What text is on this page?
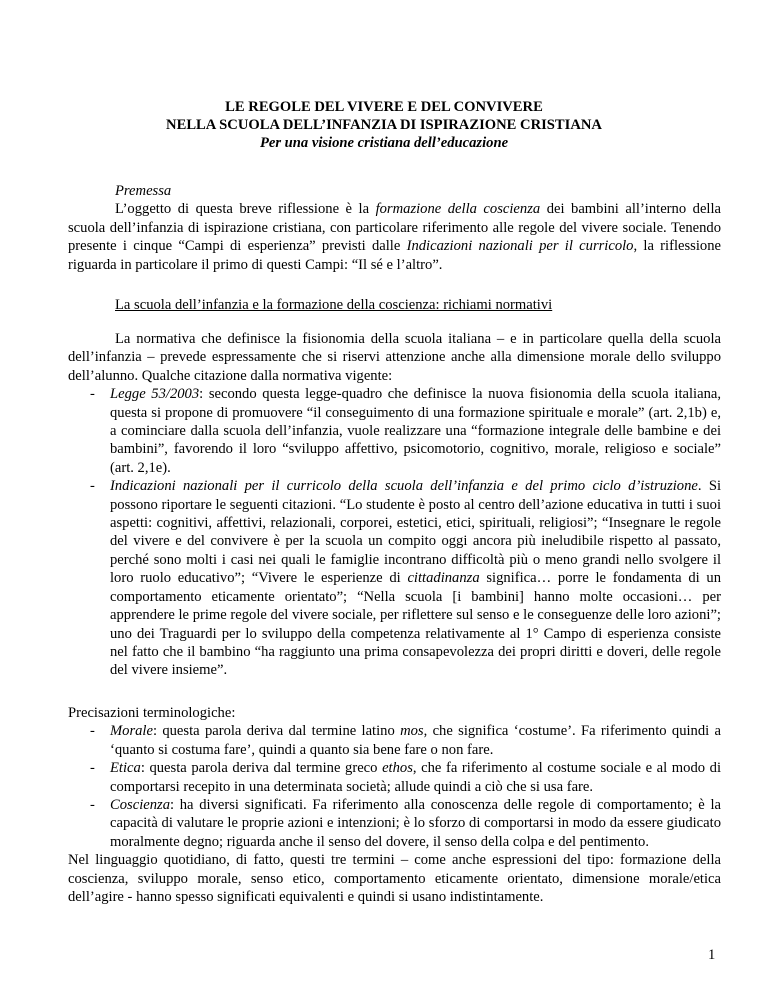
LE REGOLE DEL VIVERE E DEL CONVIVERE
NELLA SCUOLA DELL’INFANZIA DI ISPIRAZIONE CRISTIANA
Per una visione cristiana dell’educazione

Premessa

L’oggetto di questa breve riflessione è la formazione della coscienza dei bambini all’interno della scuola dell’infanzia di ispirazione cristiana, con particolare riferimento alle regole del vivere sociale. Tenendo presente i cinque “Campi di esperienza” previsti dalle Indicazioni nazionali per il curricolo, la riflessione riguarda in particolare il primo di questi Campi: “Il sé e l’altro”.

La scuola dell’infanzia e la formazione della coscienza: richiami normativi

La normativa che definisce la fisionomia della scuola italiana – e in particolare quella della scuola dell’infanzia – prevede espressamente che si riservi attenzione anche alla dimensione morale dello sviluppo dell’alunno. Qualche citazione dalla normativa vigente:

- Legge 53/2003: secondo questa legge-quadro che definisce la nuova fisionomia della scuola italiana, questa si propone di promuovere “il conseguimento di una formazione spirituale e morale” (art. 2,1b) e, a cominciare dalla scuola dell’infanzia, vuole realizzare una “formazione integrale delle bambine e dei bambini”, favorendo il loro “sviluppo affettivo, psicomotorio, cognitivo, morale, religioso e sociale” (art. 2,1e).
- Indicazioni nazionali per il curricolo della scuola dell’infanzia e del primo ciclo d’istruzione. Si possono riportare le seguenti citazioni. “Lo studente è posto al centro dell’azione educativa in tutti i suoi aspetti: cognitivi, affettivi, relazionali, corporei, estetici, etici, spirituali, religiosi”; “Insegnare le regole del vivere e del convivere è per la scuola un compito oggi ancora più ineludibile rispetto al passato, perché sono molti i casi nei quali le famiglie incontrano difficoltà più o meno grandi nello svolgere il loro ruolo educativo”; “Vivere le esperienze di cittadinanza significa… porre le fondamenta di un comportamento eticamente orientato”; “Nella scuola [i bambini] hanno molte occasioni… per apprendere le prime regole del vivere sociale, per riflettere sul senso e le conseguenze delle loro azioni”; uno dei Traguardi per lo sviluppo della competenza relativamente al 1° Campo di esperienza consiste nel fatto che il bambino “ha raggiunto una prima consapevolezza dei propri diritti e doveri, delle regole del vivere insieme”.

Precisazioni terminologiche:

- Morale: questa parola deriva dal termine latino mos, che significa ‘costume’. Fa riferimento quindi a ‘quanto si costuma fare’, quindi a quanto sia bene fare o non fare.
- Etica: questa parola deriva dal termine greco ethos, che fa riferimento al costume sociale e al modo di comportarsi recepito in una determinata società; allude quindi a ciò che si usa fare.
- Coscienza: ha diversi significati. Fa riferimento alla conoscenza delle regole di comportamento; è la capacità di valutare le proprie azioni e intenzioni; è lo sforzo di comportarsi in modo da essere giudicato moralmente degno; riguarda anche il senso del dovere, il senso della colpa e del pentimento.

Nel linguaggio quotidiano, di fatto, questi tre termini – come anche espressioni del tipo: formazione della coscienza, sviluppo morale, senso etico, comportamento eticamente orientato, dimensione morale/etica dell’agire - hanno spesso significati equivalenti e quindi si usano indistintamente.

1
